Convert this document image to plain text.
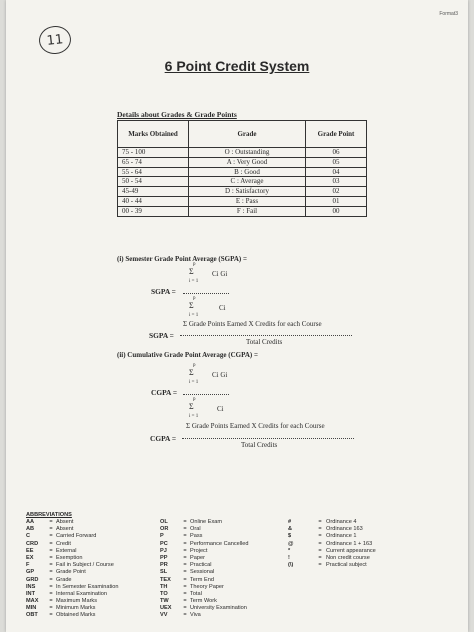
Format3
11
6 Point Credit System
Details about Grades & Grade Points
Marks Obtained	Grade	Grade Point
75 - 100	O : Outstanding	06
65 - 74	A : Very Good	05
55 - 64	B : Good	04
50 - 54	C : Average	03
45-49	D : Satisfactory	02
40 - 44	E : Pass	01
00 - 39	F : Fail	00
(i) Semester Grade Point Average (SGPA) =
p
Σ	Ci Gi
i = 1
SGPA =
p
Σ	Ci
i = 1
Σ Grade Points Earned X Credits for each Course
SGPA =
Total Credits
(ii) Cumulative Grade Point Average (CGPA) =
p
Σ	Ci Gi
i = 1
CGPA =
p
Σ	Ci
i = 1
Σ Grade Points Earned X Credits for each Course
CGPA =
Total Credits
ABBREVIATIONS
AA	= Absent
AB	= Absent
C	= Carried Forward
CRD	= Credit
EE	= External
EX	= Exemption
F	= Fail in Subject / Course
GP	= Grade Point
GRD	= Grade
INS	= In Semester Examination
INT	= Internal Examination
MAX	= Maximum Marks
MIN	= Minimum Marks
OBT	= Obtained Marks
OL	= Online Exam
OR	= Oral
P	= Pass
PC	= Performance Cancelled
PJ	= Project
PP	= Paper
PR	= Practical
SL	= Sessional
TEX	= Term End
TH	= Theory Paper
TO	= Total
TW	= Term Work
UEX	= University Examination
VV	= Viva
#	= Ordinance 4
&	= Ordinance 163
$	= Ordinance 1
@	= Ordinance 1 + 163
*	= Current appearance
!	= Non credit course
(\)	= Practical subject
